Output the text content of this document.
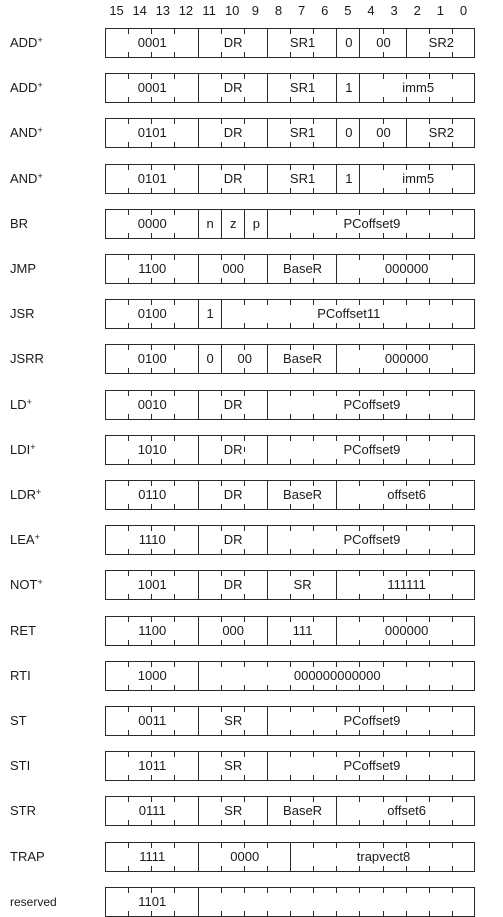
15 14 13 12 11 10 9	8	7	6	5	4	3	2	1	0
ADD+	0001	DR	SR1	0	00	SR2
ADD+	0001	DR	SR1	1	imm5
AND+	0101	DR	SR1	0	00	SR2
AND+	0101	DR	SR1	1	imm5
BR	0000	n	z	p	PCoffset9
JMP	1100	000	BaseR	000000
JSR	0100	1	PCoffset11
JSRR	0100	0	00	BaseR	000000
LD+	0010	DR	PCoffset9
LDI+	1010	DR	PCoffset9
LDR+	0110	DR	BaseR	offset6
LEA+	1110	DR	PCoffset9
NOT+	1001	DR	SR	111111
RET	1100	000	111	000000
RTI	1000	000000000000
ST	0011	SR	PCoffset9
STI	1011	SR	PCoffset9
STR	0111	SR	BaseR	offset6
TRAP	1111	0000	trapvect8
reserved	1101
